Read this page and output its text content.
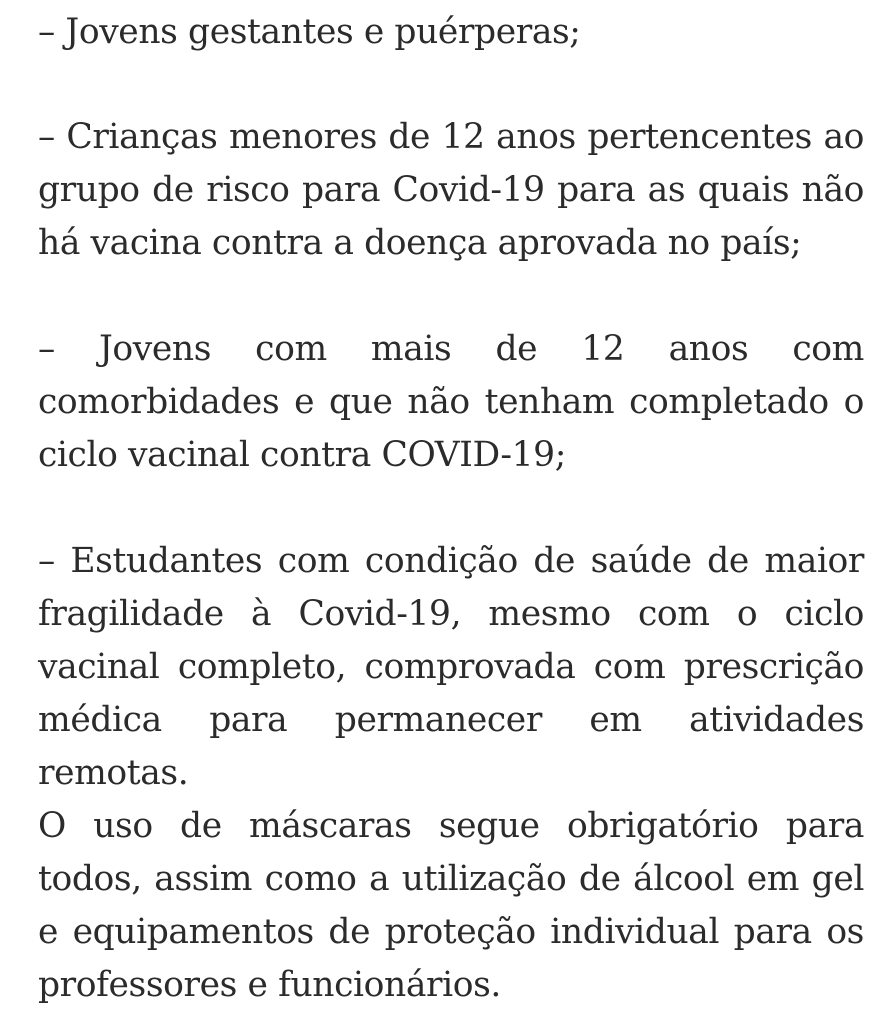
– Jovens gestantes e puérperas;

– Crianças menores de 12 anos pertencentes ao grupo de risco para Covid-19 para as quais não há vacina contra a doença aprovada no país;

– Jovens com mais de 12 anos com comorbidades e que não tenham completado o ciclo vacinal contra COVID-19;

– Estudantes com condição de saúde de maior fragilidade à Covid-19, mesmo com o ciclo vacinal completo, comprovada com prescrição médica para permanecer em atividades remotas.

O uso de máscaras segue obrigatório para todos, assim como a utilização de álcool em gel e equipamentos de proteção individual para os professores e funcionários.
